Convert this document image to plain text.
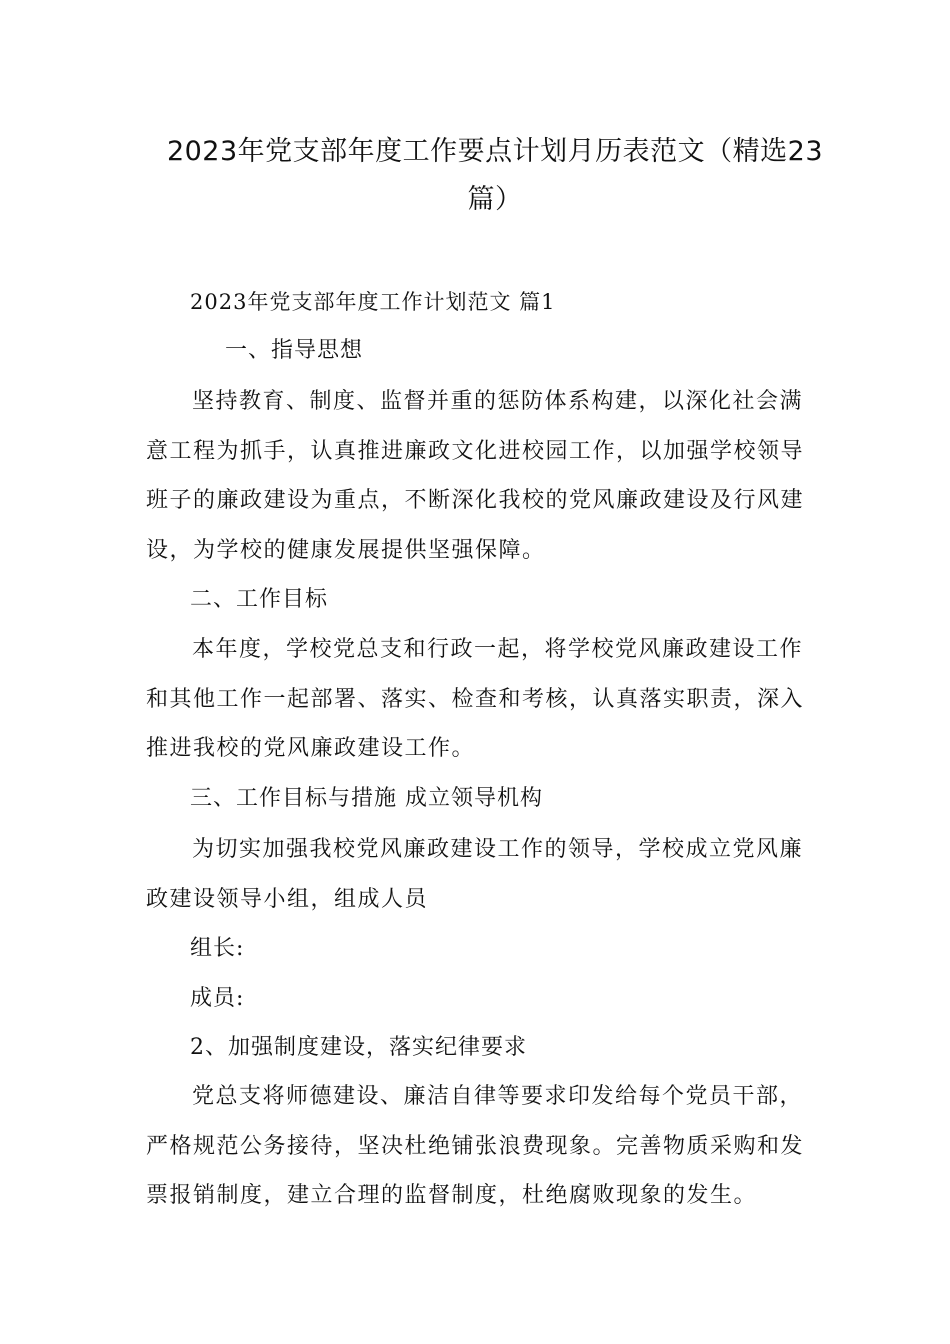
2023年党支部年度工作要点计划月历表范文（精选23篇）
2023年党支部年度工作计划范文 篇1
一、指导思想

坚持教育、制度、监督并重的惩防体系构建，以深化社会满意工程为抓手，认真推进廉政文化进校园工作，以加强学校领导班子的廉政建设为重点，不断深化我校的党风廉政建设及行风建设，为学校的健康发展提供坚强保障。

二、工作目标

本年度，学校党总支和行政一起，将学校党风廉政建设工作和其他工作一起部署、落实、检查和考核，认真落实职责，深入推进我校的党风廉政建设工作。

三、工作目标与措施 成立领导机构

为切实加强我校党风廉政建设工作的领导，学校成立党风廉政建设领导小组，组成人员

组长:
成员:
2、加强制度建设，落实纪律要求

党总支将师德建设、廉洁自律等要求印发给每个党员干部，严格规范公务接待，坚决杜绝铺张浪费现象。完善物质采购和发票报销制度，建立合理的监督制度，杜绝腐败现象的发生。
